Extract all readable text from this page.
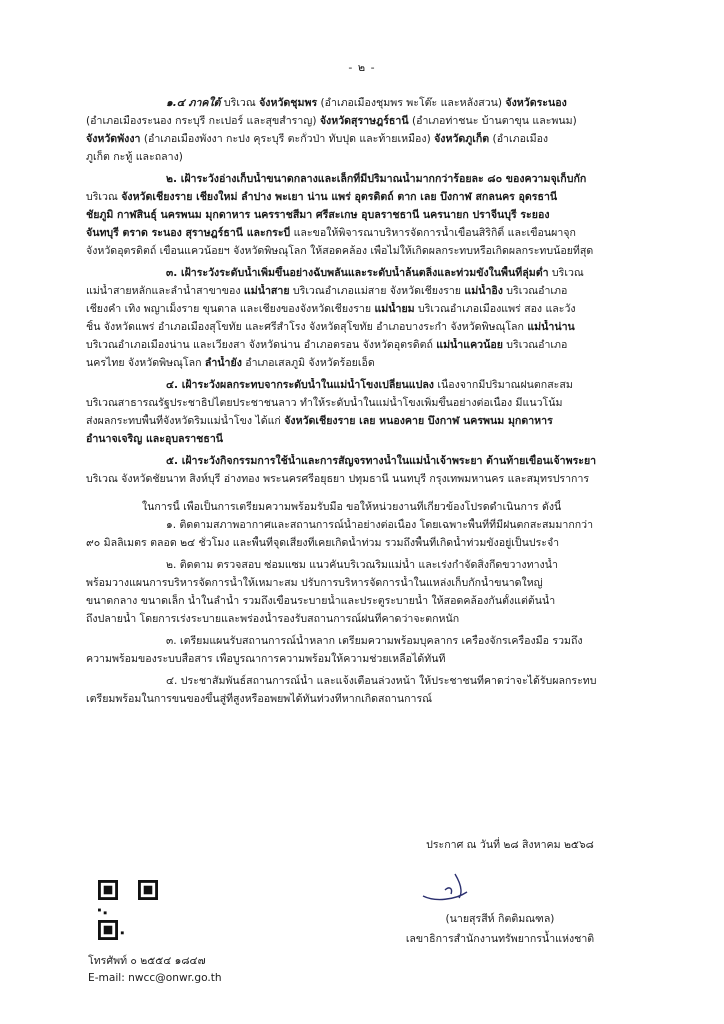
- ๒ -
๑.๔ ภาคใต้ บริเวณ จังหวัดชุมพร (อำเภอเมืองชุมพร พะโต๊ะ และหลังสวน) จังหวัดระนอง
(อำเภอเมืองระนอง กระบุรี กะเปอร์ และสุขสำราญ) จังหวัดสุราษฎร์ธานี (อำเภอท่าชนะ บ้านตาขุน และพนม)
จังหวัดพังงา (อำเภอเมืองพังงา กะปง คุระบุรี ตะกั่วป่า ทับปุด และท้ายเหมือง) จังหวัดภูเก็ต (อำเภอเมือง
ภูเก็ต กะทู้ และถลาง)
๒. เฝ้าระวังอ่างเก็บน้ำขนาดกลางและเล็กที่มีปริมาณน้ำมากกว่าร้อยละ ๘๐ ของความจุเก็บกัก
บริเวณ จังหวัดเชียงราย เชียงใหม่ ลำปาง พะเยา น่าน แพร่ อุตรดิตถ์ ตาก เลย บึงกาฬ สกลนคร อุดรธานี
ชัยภูมิ กาฬสินธุ์ นครพนม มุกดาหาร นครราชสีมา ศรีสะเกษ อุบลราชธานี นครนายก ปราจีนบุรี ระยอง
จันทบุรี ตราด ระนอง สุราษฎร์ธานี และกระบี่ และขอให้พิจารณาบริหารจัดการน้ำเขื่อนสิริกิติ์ และเขื่อนผาจุก
จังหวัดอุตรดิตถ์ เขื่อนแควน้อยฯ จังหวัดพิษณุโลก ให้สอดคล้อง เพื่อไม่ให้เกิดผลกระทบหรือเกิดผลกระทบน้อยที่สุด
๓. เฝ้าระวังระดับน้ำเพิ่มขึ้นอย่างฉับพลันและระดับน้ำล้นตลิ่งและท่วมขังในพื้นที่ลุ่มต่ำ บริเวณ
แม่น้ำสายหลักและลำน้ำสาขาของ แม่น้ำสาย บริเวณอำเภอแม่สาย จังหวัดเชียงราย แม่น้ำอิง บริเวณอำเภอ
เชียงคำ เทิง พญาเม็งราย ขุนตาล และเชียงของจังหวัดเชียงราย แม่น้ำยม บริเวณอำเภอเมืองแพร่ สอง และวัง
ชิ้น จังหวัดแพร่ อำเภอเมืองสุโขทัย และศรีสำโรง จังหวัดสุโขทัย อำเภอบางระกำ จังหวัดพิษณุโลก แม่น้ำน่าน
บริเวณอำเภอเมืองน่าน และเวียงสา จังหวัดน่าน อำเภอตรอน จังหวัดอุตรดิตถ์ แม่น้ำแควน้อย บริเวณอำเภอ
นครไทย จังหวัดพิษณุโลก ลำน้ำยัง อำเภอเสลภูมิ จังหวัดร้อยเอ็ด
๔. เฝ้าระวังผลกระทบจากระดับน้ำในแม่น้ำโขงเปลี่ยนแปลง เนื่องจากมีปริมาณฝนตกสะสม
บริเวณสาธารณรัฐประชาธิปไตยประชาชนลาว ทำให้ระดับน้ำในแม่น้ำโขงเพิ่มขึ้นอย่างต่อเนื่อง มีแนวโน้ม
ส่งผลกระทบพื้นที่จังหวัดริมแม่น้ำโขง ได้แก่ จังหวัดเชียงราย เลย หนองคาย บึงกาฬ นครพนม มุกดาหาร
อำนาจเจริญ และอุบลราชธานี
๕. เฝ้าระวังกิจกรรมการใช้น้ำและการสัญจรทางน้ำในแม่น้ำเจ้าพระยา ด้านท้ายเขื่อนเจ้าพระยา
บริเวณ จังหวัดชัยนาท สิงห์บุรี อ่างทอง พระนครศรีอยุธยา ปทุมธานี นนทบุรี กรุงเทพมหานคร และสมุทรปราการ
ในการนี้ เพื่อเป็นการเตรียมความพร้อมรับมือ ขอให้หน่วยงานที่เกี่ยวข้องโปรดดำเนินการ ดังนี้
๑. ติดตามสภาพอากาศและสถานการณ์น้ำอย่างต่อเนื่อง โดยเฉพาะพื้นที่ที่มีฝนตกสะสมมากกว่า
๙๐ มิลลิเมตร ตลอด ๒๔ ชั่วโมง และพื้นที่จุดเสี่ยงที่เคยเกิดน้ำท่วม รวมถึงพื้นที่เกิดน้ำท่วมขังอยู่เป็นประจำ
๒. ติดตาม ตรวจสอบ ซ่อมแซม แนวคันบริเวณริมแม่น้ำ และเร่งกำจัดสิ่งกีดขวางทางน้ำ
พร้อมวางแผนการบริหารจัดการน้ำให้เหมาะสม ปรับการบริหารจัดการน้ำในแหล่งเก็บกักน้ำขนาดใหญ่
ขนาดกลาง ขนาดเล็ก น้ำในลำน้ำ รวมถึงเขื่อนระบายน้ำและประตูระบายน้ำ ให้สอดคล้องกันตั้งแต่ต้นน้ำ
ถึงปลายน้ำ โดยการเร่งระบายและพร่องน้ำรองรับสถานการณ์ฝนที่คาดว่าจะตกหนัก
๓. เตรียมแผนรับสถานการณ์น้ำหลาก เตรียมความพร้อมบุคลากร เครื่องจักรเครื่องมือ รวมถึง
ความพร้อมของระบบสื่อสาร เพื่อบูรณาการความพร้อมให้ความช่วยเหลือได้ทันที
๔. ประชาสัมพันธ์สถานการณ์น้ำ และแจ้งเตือนล่วงหน้า ให้ประชาชนที่คาดว่าจะได้รับผลกระทบ
เตรียมพร้อมในการขนของขึ้นสู่ที่สูงหรืออพยพได้ทันท่วงทีหากเกิดสถานการณ์
ประกาศ ณ วันที่ ๒๘ สิงหาคม ๒๕๖๘
(นายสุรสีห์ กิตติมณฑล)
เลขาธิการสำนักงานทรัพยากรน้ำแห่งชาติ
โทรศัพท์ ๐ ๒๕๕๔ ๑๘๔๗
E-mail: nwcc@onwr.go.th
